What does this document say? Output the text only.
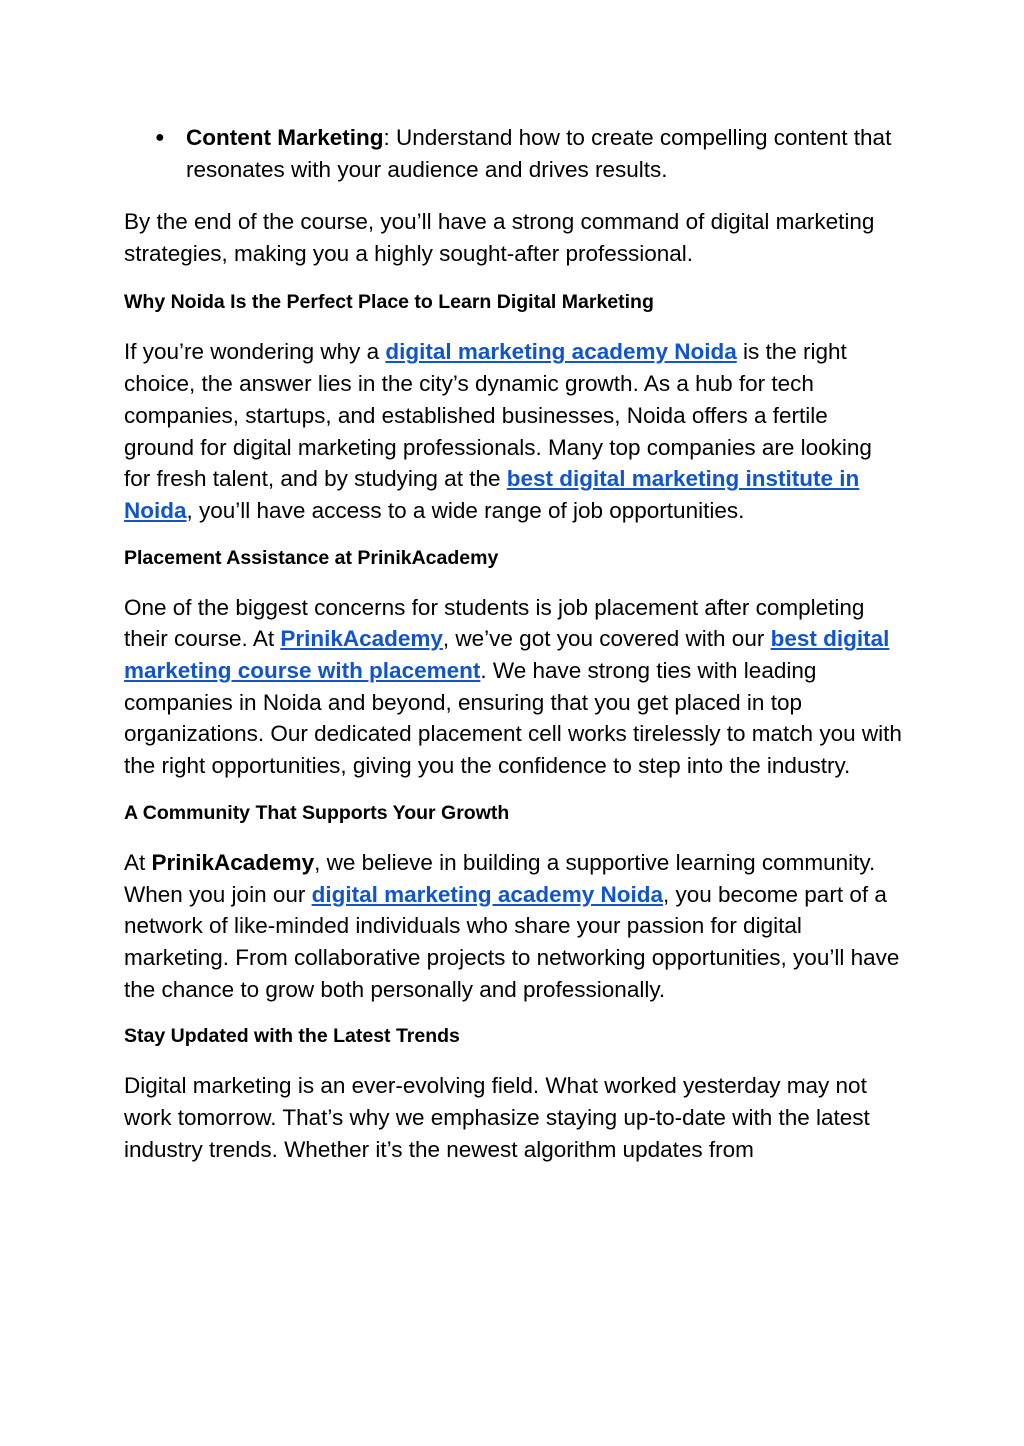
● Content Marketing: Understand how to create compelling content that resonates with your audience and drives results.

By the end of the course, you’ll have a strong command of digital marketing strategies, making you a highly sought-after professional.

Why Noida Is the Perfect Place to Learn Digital Marketing

If you’re wondering why a digital marketing academy Noida is the right choice, the answer lies in the city’s dynamic growth. As a hub for tech companies, startups, and established businesses, Noida offers a fertile ground for digital marketing professionals. Many top companies are looking for fresh talent, and by studying at the best digital marketing institute in Noida, you’ll have access to a wide range of job opportunities.

Placement Assistance at PrinikAcademy

One of the biggest concerns for students is job placement after completing their course. At PrinikAcademy, we’ve got you covered with our best digital marketing course with placement. We have strong ties with leading companies in Noida and beyond, ensuring that you get placed in top organizations. Our dedicated placement cell works tirelessly to match you with the right opportunities, giving you the confidence to step into the industry.

A Community That Supports Your Growth

At PrinikAcademy, we believe in building a supportive learning community. When you join our digital marketing academy Noida, you become part of a network of like-minded individuals who share your passion for digital marketing. From collaborative projects to networking opportunities, you’ll have the chance to grow both personally and professionally.

Stay Updated with the Latest Trends

Digital marketing is an ever-evolving field. What worked yesterday may not work tomorrow. That’s why we emphasize staying up-to-date with the latest industry trends. Whether it’s the newest algorithm updates from
